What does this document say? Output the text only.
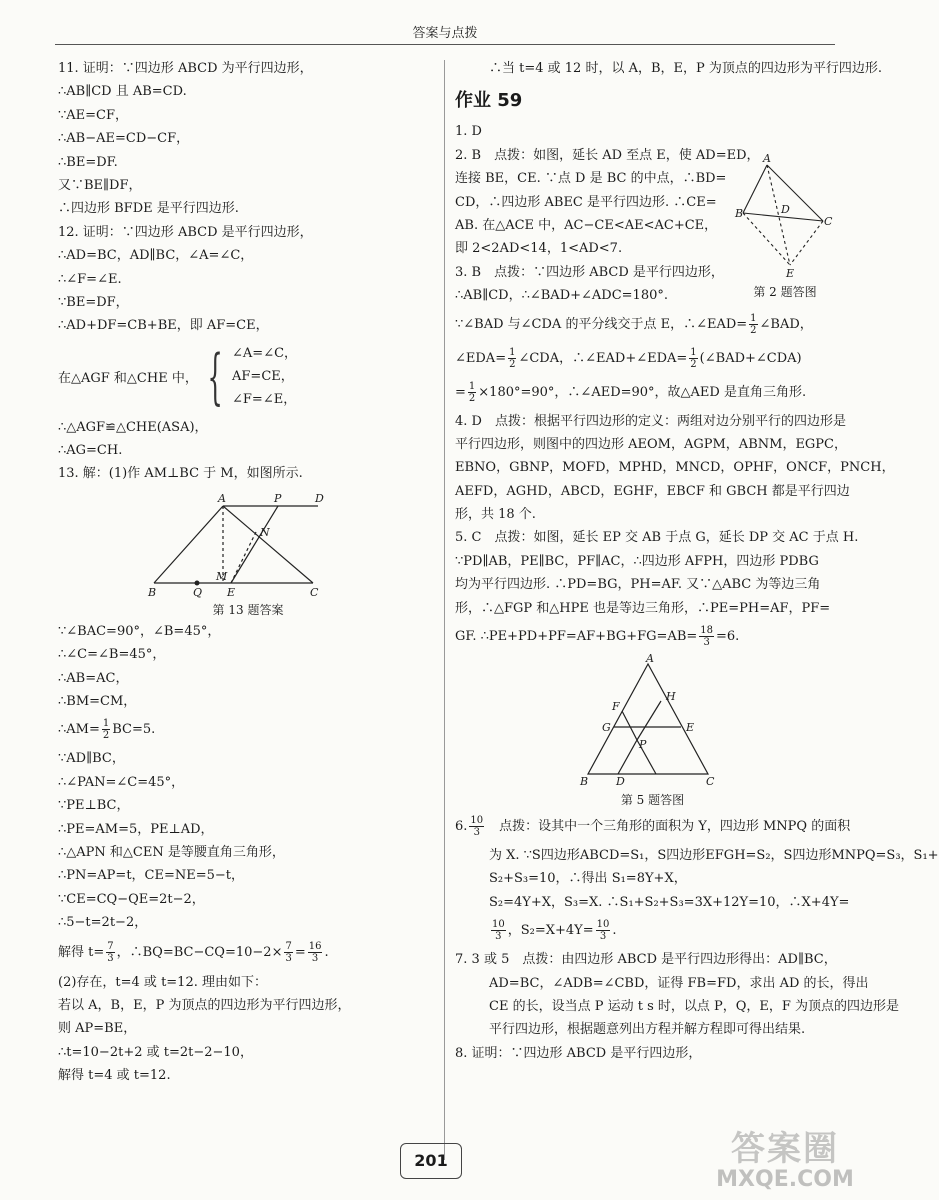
答案与点拨
11. 证明：∵四边形 ABCD 为平行四边形，
∴AB∥CD 且 AB=CD.
∵AE=CF，
∴AB−AE=CD−CF，
∴BE=DF.
又∵BE∥DF，
∴四边形 BFDE 是平行四边形.
12. 证明：∵四边形 ABCD 是平行四边形，
∴AD=BC，AD∥BC，∠A=∠C，
∴∠F=∠E.
∵BE=DF，
∴AD+DF=CB+BE，即 AF=CE，
在△AGF 和△CHE 中， { ∠A=∠C，
AF=CE，
∠F=∠E，
∴△AGF≌△CHE(ASA)，
∴AG=CH.
13. 解：(1)作 AM⊥BC 于 M，如图所示.
A	P	D
N
M
B	Q E	C
第 13 题答案
∵∠BAC=90°，∠B=45°，
∴∠C=∠B=45°，
∴AB=AC，
∴BM=CM，
∴AM= $\frac{1}{2} BC=5$.
∵AD∥BC，
∴∠PAN=∠C=45°，
∵PE⊥BC，
∴PE=AM=5，PE⊥AD，
∴△APN 和△CEN 是等腰直角三角形，
∴PN=AP=t，CE=NE=5−t，
∵CE=CQ−QE=2t−2，
∴5−t=2t−2，
解得 $t= \frac{7}{3}$ ，∴BQ=BC−CQ=10−2× $\frac{7}{3} = \frac{16}{3}$ .
(2)存在，t=4 或 t=12. 理由如下：
若以 A，B，E，P 为顶点的四边形为平行四边形，
则 AP=BE，
∴t=10−2t+2 或 t=2t−2−10，
解得 t=4 或 t=12.
∴当 t=4 或 12 时，以 A，B，E，P 为顶点的四边形为平行四边形.
作业 59
1. D
2. B　点拨：如图，延长 AD 至点 E，使 AD=ED，
连接 BE，CE. ∵点 D 是 BC 的中点，∴BD=
CD，∴四边形 ABEC 是平行四边形. ∴CE=
AB. 在△ACE 中，AC−CE<AE<AC+CE，
即 2<2AD<14，1<AD<7.
A
B
C
D
E
第 2 题答图
3. B　点拨：∵四边形 ABCD 是平行四边形，
∴AB∥CD，∴∠BAD+∠ADC=180°.
∵∠BAD 与∠CDA 的平分线交于点 E，∴∠EAD= $\frac{1}{2}$ ∠BAD，
∠EDA= $\frac{1}{2}$ ∠CDA，∴∠EAD+∠EDA= $\frac{1}{2}$ (∠BAD+∠CDA)
= $\frac{1}{2} \times 180^\circ=90^\circ$，∴∠AED=90°，故△AED 是直角三角形.
4. D　点拨：根据平行四边形的定义：两组对边分别平行的四边形是
平行四边形，则图中的四边形 AEOM，AGPM，ABNM，EGPC，
EBNO，GBNP，MOFD，MPHD，MNCD，OPHF，ONCF，PNCH，
AEFD，AGHD，ABCD，EGHF，EBCF 和 GBCH 都是平行四边
形，共 18 个.
5. C　点拨：如图，延长 EP 交 AB 于点 G，延长 DP 交 AC 于点 H.
∵PD∥AB，PE∥BC，PF∥AC，∴四边形 AFPH，四边形 PDBG
均为平行四边形. ∴PD=BG，PH=AF. 又∵△ABC 为等边三角
形，∴△FGP 和△HPE 也是等边三角形，∴PE=PH=AF，PF=
GF. ∴PE+PD+PF=AF+BG+FG=AB= $\frac{18}{3} =6$.
A
H
F
G
P
E
B	D	C
第 5 题答图
6. $\frac{10}{3}$ 　点拨：设其中一个三角形的面积为 Y，四边形 MNPQ 的面积
为 X. ∵S四边形ABCD=S₁，S四边形EFGH=S₂，S四边形MNPQ=S₃，S₁+
S₂+S₃=10，∴得出 S₁=8Y+X，
S₂=4Y+X，S₃=X. ∴S₁+S₂+S₃=3X+12Y=10，∴X+4Y=
$\frac{10}{3}$ ，$S_2=X+4Y= \frac{10}{3}$ .
7. 3 或 5　点拨：由四边形 ABCD 是平行四边形得出：AD∥BC，
AD=BC，∠ADB=∠CBD，证得 FB=FD，求出 AD 的长，得出
CE 的长，设当点 P 运动 t s 时，以点 P，Q，E，F 为顶点的四边形是
平行四边形，根据题意列出方程并解方程即可得出结果.
8. 证明：∵四边形 ABCD 是平行四边形，
201	答案圈
MXQE.COM
